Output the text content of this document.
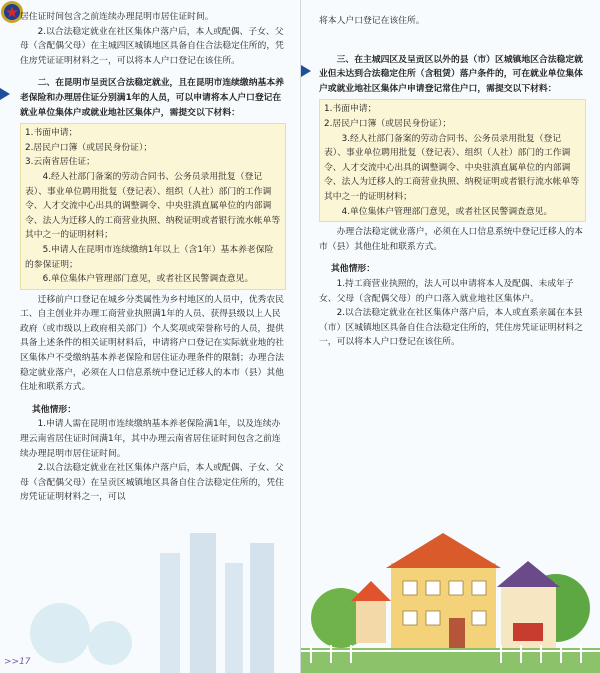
居住证时间包含之前连续办理昆明市居住证时间。

2.以合法稳定就业在社区集体户落户后，本人或配偶、子女、父母（含配偶父母）在主城四区城镇地区具备自住合法稳定住所的，凭住房凭证证明材料之一，可以将本人户口登记在该住所。

二、在昆明市呈贡区合法稳定就业，且在昆明市连续缴纳基本养老保险和办理居住证分别满1年的人员，可以申请将本人户口登记在就业单位集体户或就业地社区集体户，需提交以下材料：

1.书面申请；

2.居民户口簿（或居民身份证）；

3.云南省居住证；

4.经人社部门备案的劳动合同书、公务员录用批复（登记表）、事业单位聘用批复（登记表）、组织（人社）部门的工作调令、人才交流中心出具的调整调令、中央驻滇直属单位的内部调令、法人为迁移人的工商营业执照、纳税证明或者银行流水帐单等其中之一的证明材料；

5.申请人在昆明市连续缴纳1年以上（含1年）基本养老保险的参保证明；

6.单位集体户管理部门意见，或者社区民警调查意见。

迁移前户口登记在城乡分类属性为乡村地区的人员中，优秀农民工、自主创业并办理工商营业执照满1年的人员、获得县级以上人民政府（或市级以上政府相关部门）个人奖项或荣誉称号的人员，提供具备上述条件的相关证明材料后，申请将户口登记在实际就业地的社区集体户不受缴纳基本养老保险和居住证办理条件的限制；办理合法稳定就业落户，必须在人口信息系统中登记迁移人的本市（县）其他住址和联系方式。

其他情形：

1.申请人需在昆明市连续缴纳基本养老保险满1年，以及连续办理云南省居住证时间满1年，其中办理云南省居住证时间包含之前连续办理昆明市居住证时间。

2.以合法稳定就业在社区集体户落户后，本人或配偶、子女、父母（含配偶父母）在呈贡区城镇地区具备自住合法稳定住所的，凭住房凭证证明材料之一，可以

>>17

将本人户口登记在该住所。

三、在主城四区及呈贡区以外的县（市）区城镇地区合法稳定就业但未达到合法稳定住所（含租赁）落户条件的，可在就业单位集体户或就业地社区集体户申请登记常住户口，需提交以下材料：

1.书面申请；

2.居民户口簿（或居民身份证）；

3.经人社部门备案的劳动合同书、公务员录用批复（登记表）、事业单位聘用批复（登记表）、组织（人社）部门的工作调令、人才交流中心出具的调整调令、中央驻滇直属单位的内部调令、法人为迁移人的工商营业执照、纳税证明或者银行流水帐单等其中之一的证明材料；

4.单位集体户管理部门意见，或者社区民警调查意见。

办理合法稳定就业落户，必须在人口信息系统中登记迁移人的本市（县）其他住址和联系方式。

其他情形：

1.持工商营业执照的，法人可以申请将本人及配偶、未成年子女、父母（含配偶父母）的户口落入就业地社区集体户。

2.以合法稳定就业在社区集体户落户后，本人或直系亲属在本县（市）区城镇地区具备自住合法稳定住所的，凭住房凭证证明材料之一，可以将本人户口登记在该住所。
